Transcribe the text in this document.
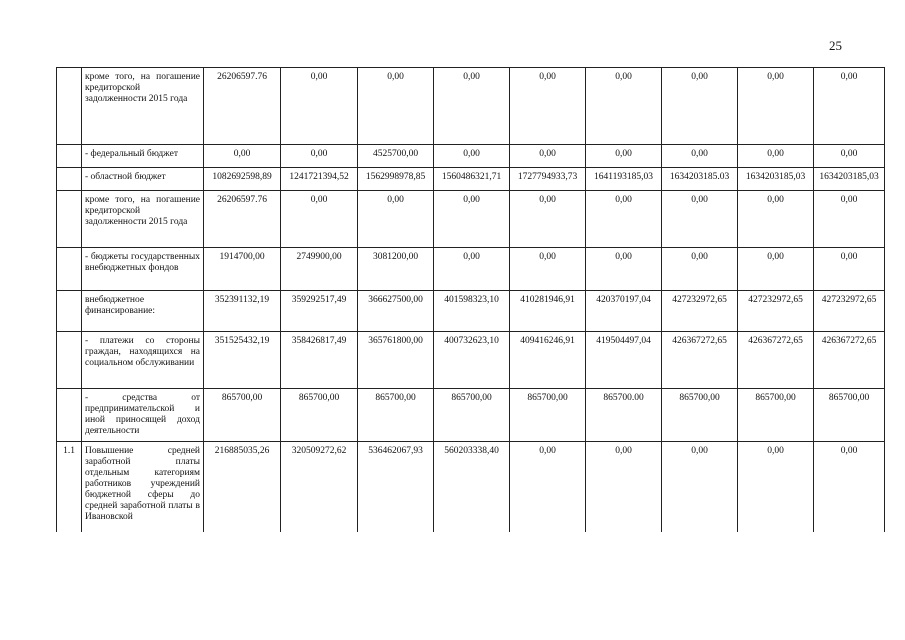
25
	кроме того, на погашение кредиторской задолженности 2015 года	26206597.76	0,00	0,00	0,00	0,00	0,00	0,00	0,00	0,00
	- федеральный бюджет	0,00	0,00	4525700,00	0,00	0,00	0,00	0,00	0,00	0,00
	- областной бюджет	1082692598,89	1241721394,52	1562998978,85	1560486321,71	1727794933,73	1641193185,03	1634203185.03	1634203185,03	1634203185,03
	кроме того, на погашение кредиторской задолженности 2015 года	26206597.76	0,00	0,00	0,00	0,00	0,00	0,00	0,00	0,00
	- бюджеты государственных внебюджетных фондов	1914700,00	2749900,00	3081200,00	0,00	0,00	0,00	0,00	0,00	0,00
	внебюджетное финансирование:	352391132,19	359292517,49	366627500,00	401598323,10	410281946,91	420370197,04	427232972,65	427232972,65	427232972,65
	- платежи со стороны граждан, находящихся на социальном обслуживании	351525432,19	358426817,49	365761800,00	400732623,10	409416246,91	419504497,04	426367272,65	426367272,65	426367272,65
	- средства от предпринимательской и иной приносящей доход деятельности	865700,00	865700,00	865700,00	865700,00	865700,00	865700.00	865700,00	865700,00	865700,00
1.1	Повышение средней заработной платы отдельным категориям работников учреждений бюджетной сферы до средней заработной платы в Ивановской	216885035,26	320509272,62	536462067,93	560203338,40	0,00	0,00	0,00	0,00	0,00
